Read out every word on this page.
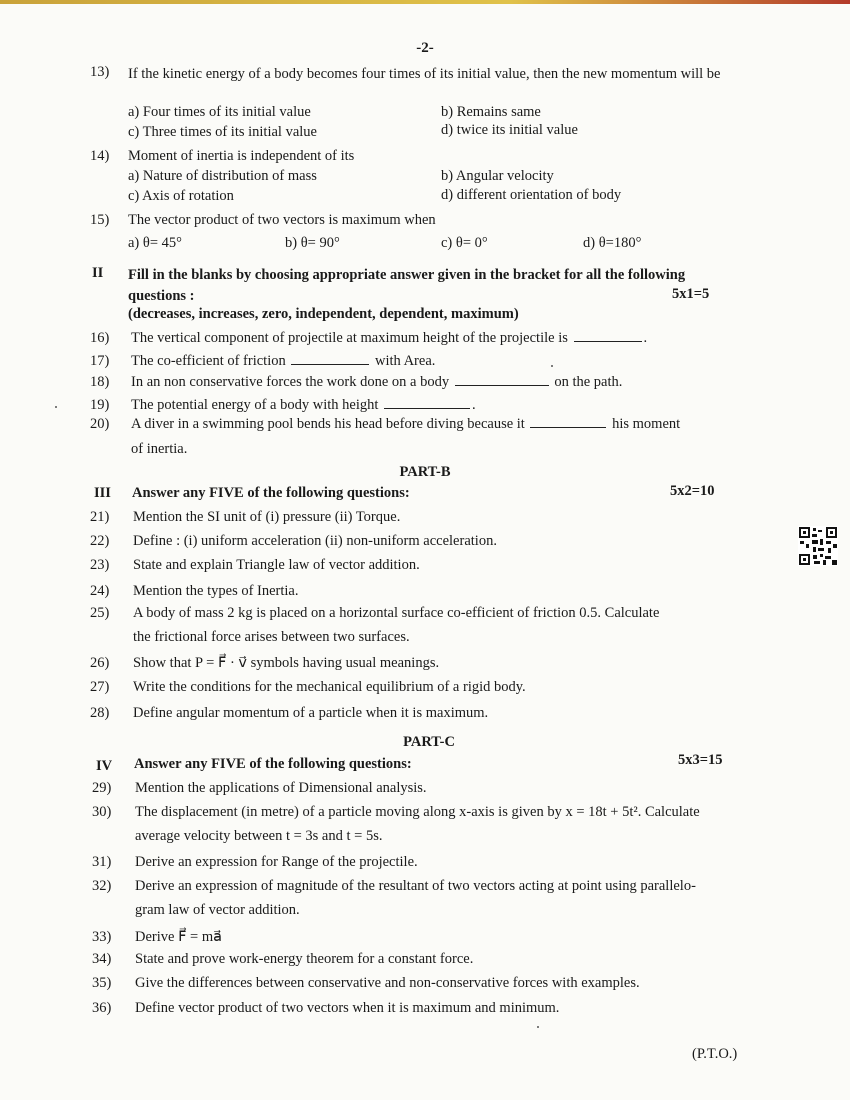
-2-
13)	If the kinetic energy of a body becomes four times of its initial value, then the new momentum will be
a) Four times of its initial value	b) Remains same
c) Three times of its initial value	d) twice its initial value
14)	Moment of inertia is independent of its
a) Nature of distribution of mass	b) Angular velocity
c) Axis of rotation	d) different orientation of body
15)	The vector product of two vectors is maximum when
a) θ= 45°	b) θ= 90°	c) θ= 0°	d) θ=180°
II Fill in the blanks by choosing appropriate answer given in the bracket for all the following questions :	5x1=5
(decreases, increases, zero, independent, dependent, maximum)
16)	The vertical component of projectile at maximum height of the projectile is	.
17)	The co-efficient of friction	with Area.
18)	In an non conservative forces the work done on a body	on the path.
19)	The potential energy of a body with height	.
20)	A diver in a swimming pool bends his head before diving because it	his moment
of inertia.
PART-B
III Answer any FIVE of the following questions:	5x2=10
21)	Mention the SI unit of (i) pressure (ii) Torque.
22)	Define : (i) uniform acceleration (ii) non-uniform acceleration.
23)	State and explain Triangle law of vector addition.
24)	Mention the types of Inertia.
25)	A body of mass 2 kg is placed on a horizontal surface co-efficient of friction 0.5. Calculate
the frictional force arises between two surfaces.
26)	Show that P = F⃗ · v⃗ symbols having usual meanings.
27)	Write the conditions for the mechanical equilibrium of a rigid body.
28)	Define angular momentum of a particle when it is maximum.
PART-C
IV Answer any FIVE of the following questions:	5x3=15
29)	Mention the applications of Dimensional analysis.
30)	The displacement (in metre) of a particle moving along x-axis is given by x = 18t + 5t². Calculate
average velocity between t = 3s and t = 5s.
31)	Derive an expression for Range of the projectile.
32)	Derive an expression of magnitude of the resultant of two vectors acting at point using parallelo-
gram law of vector addition.
33)	Derive F⃗ = ma⃗
34)	State and prove work-energy theorem for a constant force.
35)	Give the differences between conservative and non-conservative forces with examples.
36)	Define vector product of two vectors when it is maximum and minimum.
(P.T.O.)
